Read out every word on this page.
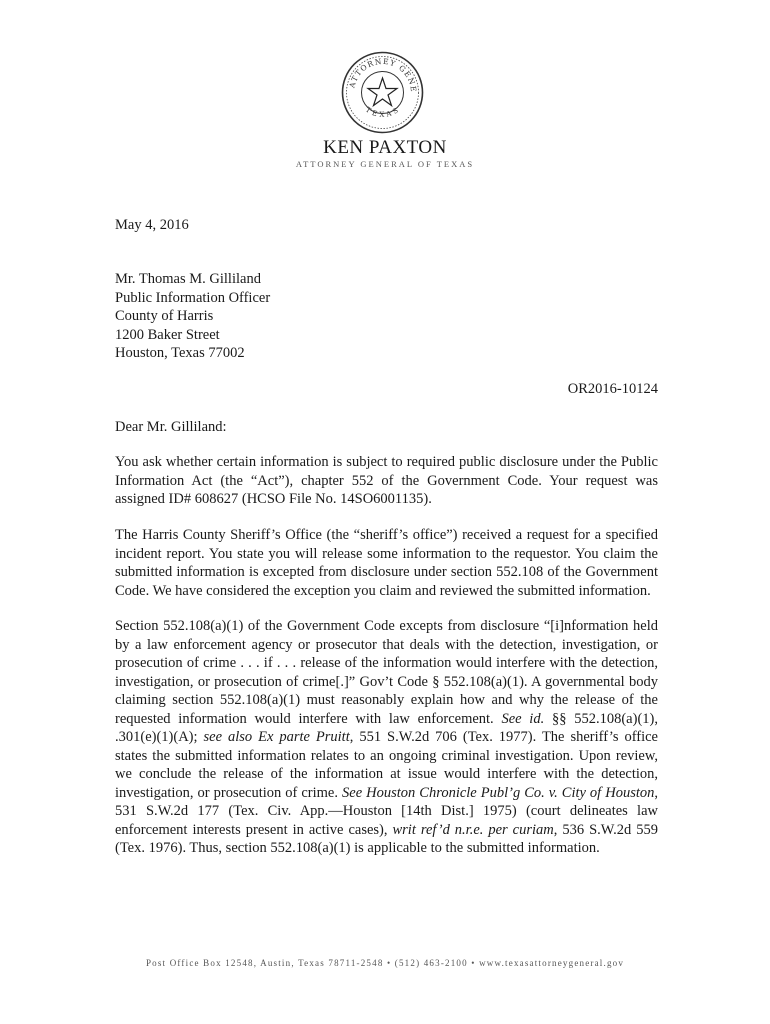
ATTORNEY GENE
TEXAS
KEN PAXTON
ATTORNEY GENERAL OF TEXAS
May 4, 2016
Mr. Thomas M. Gilliland
Public Information Officer
County of Harris
1200 Baker Street
Houston, Texas 77002
OR2016-10124
Dear Mr. Gilliland:
You ask whether certain information is subject to required public disclosure under the Public Information Act (the “Act”), chapter 552 of the Government Code. Your request was assigned ID# 608627 (HCSO File No. 14SO6001135).
The Harris County Sheriff’s Office (the “sheriff’s office”) received a request for a specified incident report. You state you will release some information to the requestor. You claim the submitted information is excepted from disclosure under section 552.108 of the Government Code. We have considered the exception you claim and reviewed the submitted information.
Section 552.108(a)(1) of the Government Code excepts from disclosure “[i]nformation held by a law enforcement agency or prosecutor that deals with the detection, investigation, or prosecution of crime . . . if . . . release of the information would interfere with the detection, investigation, or prosecution of crime[.]” Gov’t Code § 552.108(a)(1). A governmental body claiming section 552.108(a)(1) must reasonably explain how and why the release of the requested information would interfere with law enforcement. See id. §§ 552.108(a)(1), .301(e)(1)(A); see also Ex parte Pruitt, 551 S.W.2d 706 (Tex. 1977). The sheriff’s office states the submitted information relates to an ongoing criminal investigation. Upon review, we conclude the release of the information at issue would interfere with the detection, investigation, or prosecution of crime. See Houston Chronicle Publ’g Co. v. City of Houston, 531 S.W.2d 177 (Tex. Civ. App.—Houston [14th Dist.] 1975) (court delineates law enforcement interests present in active cases), writ ref’d n.r.e. per curiam, 536 S.W.2d 559 (Tex. 1976). Thus, section 552.108(a)(1) is applicable to the submitted information.
Post Office Box 12548, Austin, Texas 78711-2548 • (512) 463-2100 • www.texasattorneygeneral.gov
